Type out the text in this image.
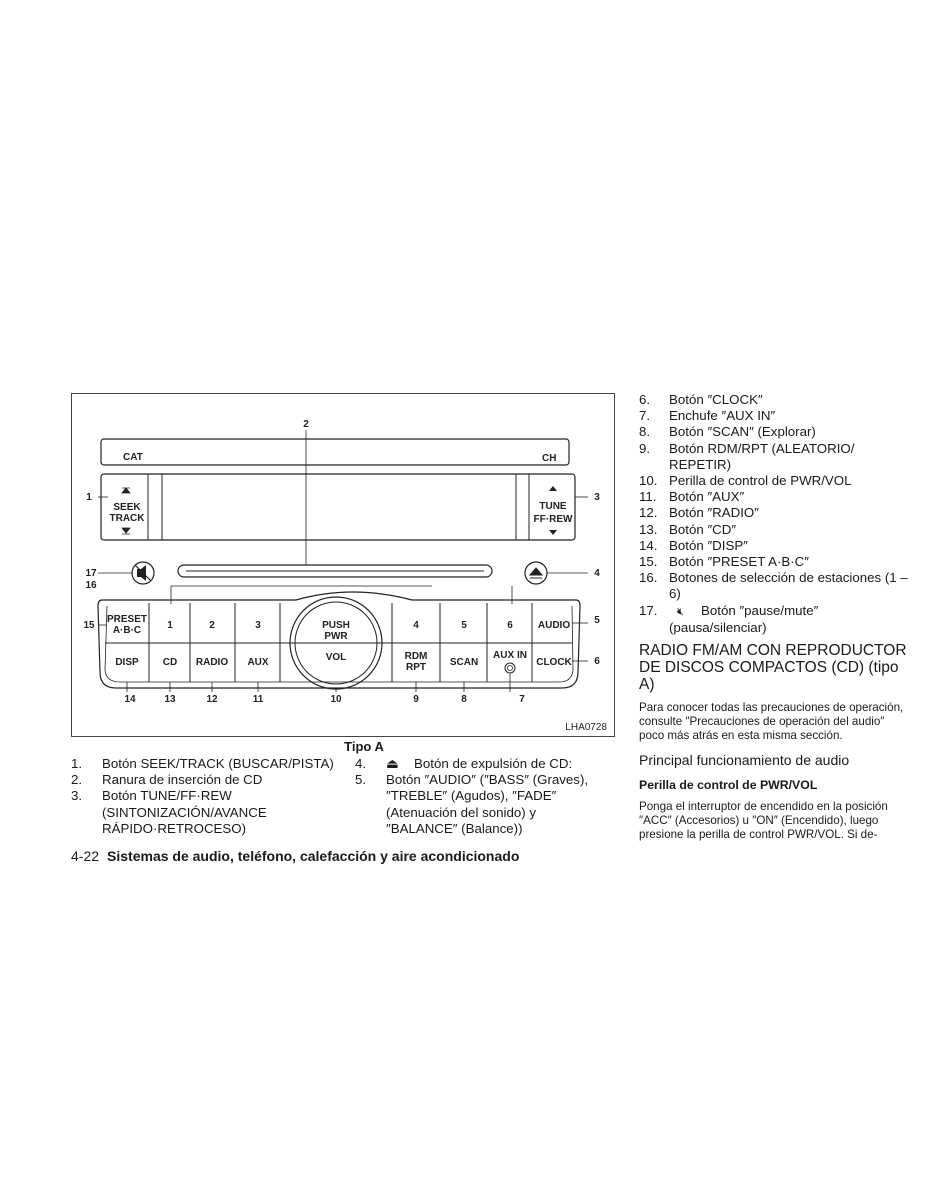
CAT	CH
SEEK
TRACK
TUNE
FF·REW
PUSH
PWR
VOL
PRESET
A·B·C	1	2	3	4	5	6	AUDIO
DISP CD RADIO AUX
RDM
RPT SCAN
AUX IN
CLOCK
2
1	3
4
17
16
15	5
6
14	13	12	11	10	9	8	7
LHA0728
Tipo A
1. Botón SEEK/TRACK (BUSCAR/PISTA)
2. Ranura de inserción de CD
3. Botón TUNE/FF·REW (SINTONIZACIÓN/AVANCE RÁPIDO·RETROCESO)
4. ⏏ Botón de expulsión de CD:
5. Botón ″AUDIO″ (″BASS″ (Graves), ″TREBLE″ (Agudos), ″FADE″ (Atenuación del sonido) y ″BALANCE″ (Balance))
6. Botón ″CLOCK″
7. Enchufe ″AUX IN″
8. Botón ″SCAN″ (Explorar)
9. Botón RDM/RPT (ALEATORIO/ REPETIR)
10. Perilla de control de PWR/VOL
11. Botón ″AUX″
12. Botón ″RADIO″
13. Botón ″CD″
14. Botón ″DISP″
15. Botón ″PRESET A·B·C″
16. Botones de selección de estaciones (1 – 6)
17.	🔇︎ Botón ″pause/mute″ (pausa/silenciar)
RADIO FM/AM CON REPRODUCTOR DE DISCOS COMPACTOS (CD) (tipo A)

Para conocer todas las precauciones de operación, consulte ″Precauciones de operación del audio″ poco más atrás en esta misma sección.

Principal funcionamiento de audio
Perilla de control de PWR/VOL

Ponga el interruptor de encendido en la posición ″ACC″ (Accesorios) u ″ON″ (Encendido), luego presione la perilla de control PWR/VOL. Si de-

4-22 Sistemas de audio, teléfono, calefacción y aire acondicionado
